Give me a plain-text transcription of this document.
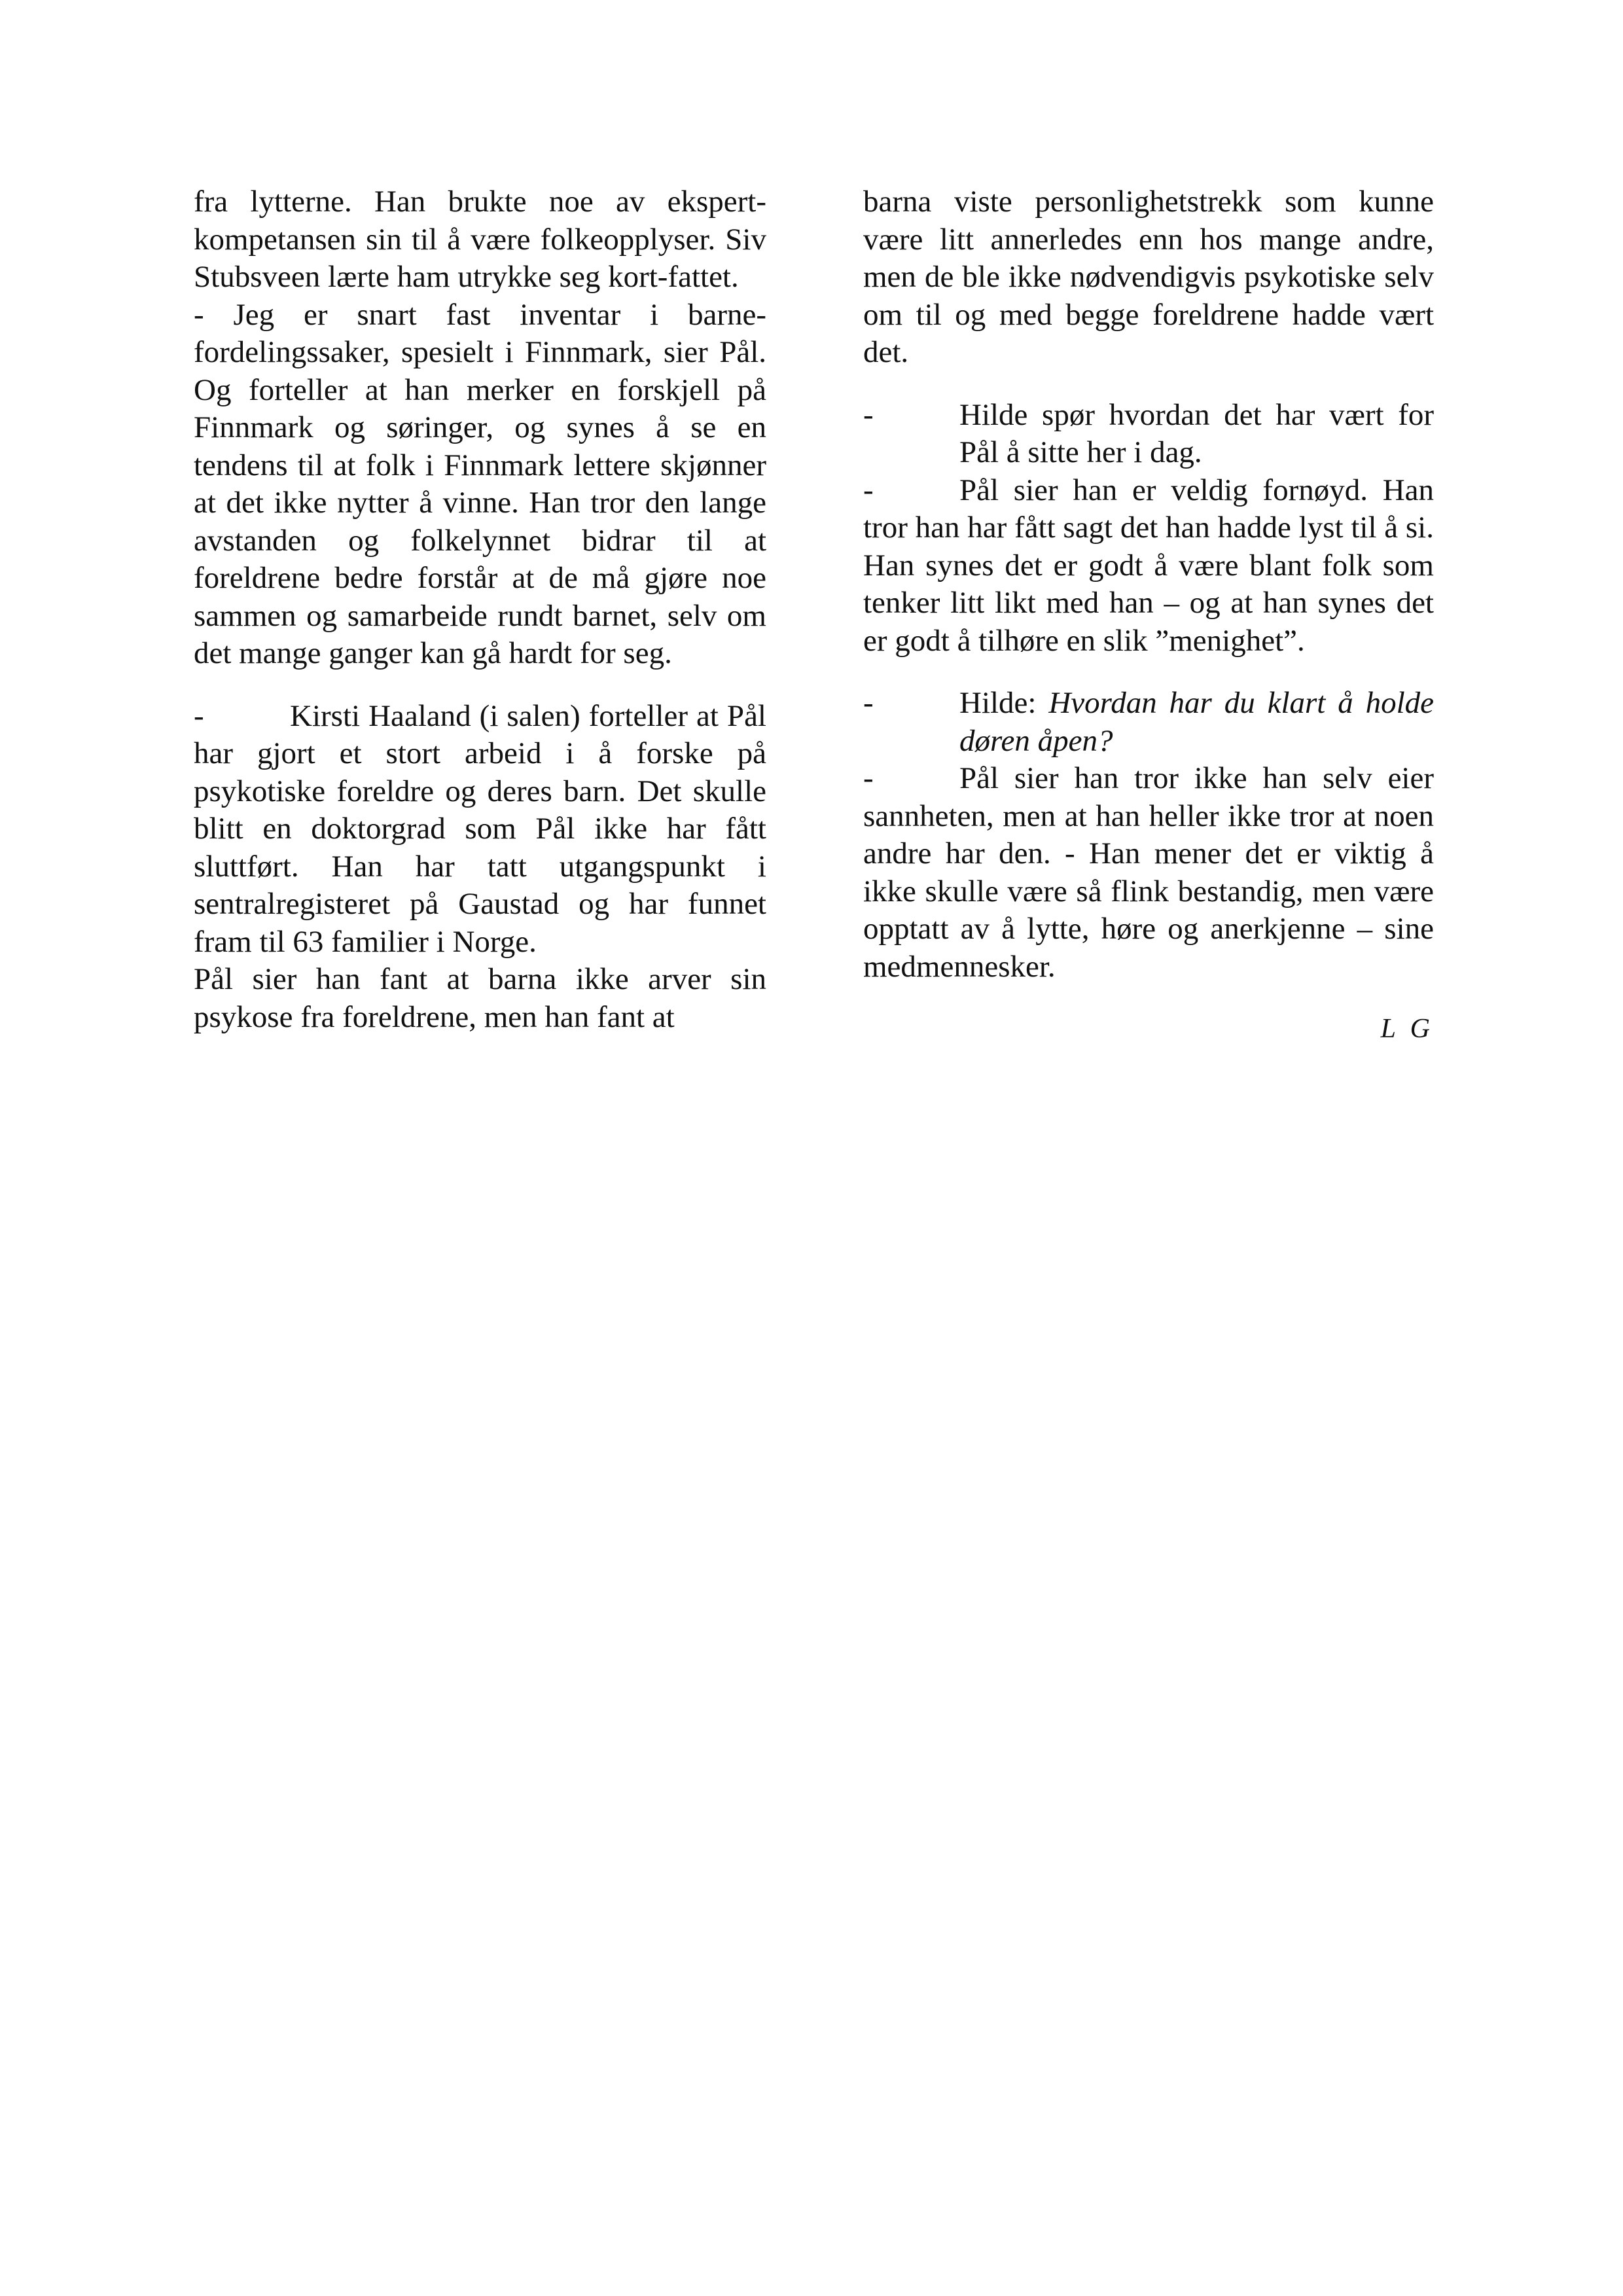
fra lytterne. Han brukte noe av ekspert-kompetansen sin til å være folkeopplyser. Siv Stubsveen lærte ham utrykke seg kort-fattet.

- Jeg er snart fast inventar i barne-fordelingssaker, spesielt i Finnmark, sier Pål. Og forteller at han merker en forskjell på Finnmark og søringer, og synes å se en tendens til at folk i Finnmark lettere skjønner at det ikke nytter å vinne. Han tror den lange avstanden og folkelynnet bidrar til at foreldrene bedre forstår at de må gjøre noe sammen og samarbeide rundt barnet, selv om det mange ganger kan gå hardt for seg.

-	Kirsti Haaland (i salen) forteller at Pål har gjort et stort arbeid i å forske på psykotiske foreldre og deres barn. Det skulle blitt en doktorgrad som Pål ikke har fått sluttført. Han har tatt utgangspunkt i sentralregisteret på Gaustad og har funnet fram til 63 familier i Norge.

Pål sier han fant at barna ikke arver sin psykose fra foreldrene, men han fant at

barna viste personlighetstrekk som kunne være litt annerledes enn hos mange andre, men de ble ikke nødvendigvis psykotiske selv om til og med begge foreldrene hadde vært det.

-	Hilde spør hvordan det har vært for Pål å sitte her i dag.

-	Pål sier han er veldig fornøyd. Han tror han har fått sagt det han hadde lyst til å si. Han synes det er godt å være blant folk som tenker litt likt med han – og at han synes det er godt å tilhøre en slik ”menighet”.

-	Hilde: Hvordan har du klart å holde døren åpen?

-	Pål sier han tror ikke han selv eier sannheten, men at han heller ikke tror at noen andre har den. - Han mener det er viktig å ikke skulle være så flink bestandig, men være opptatt av å lytte, høre og anerkjenne – sine medmennesker.

L G
